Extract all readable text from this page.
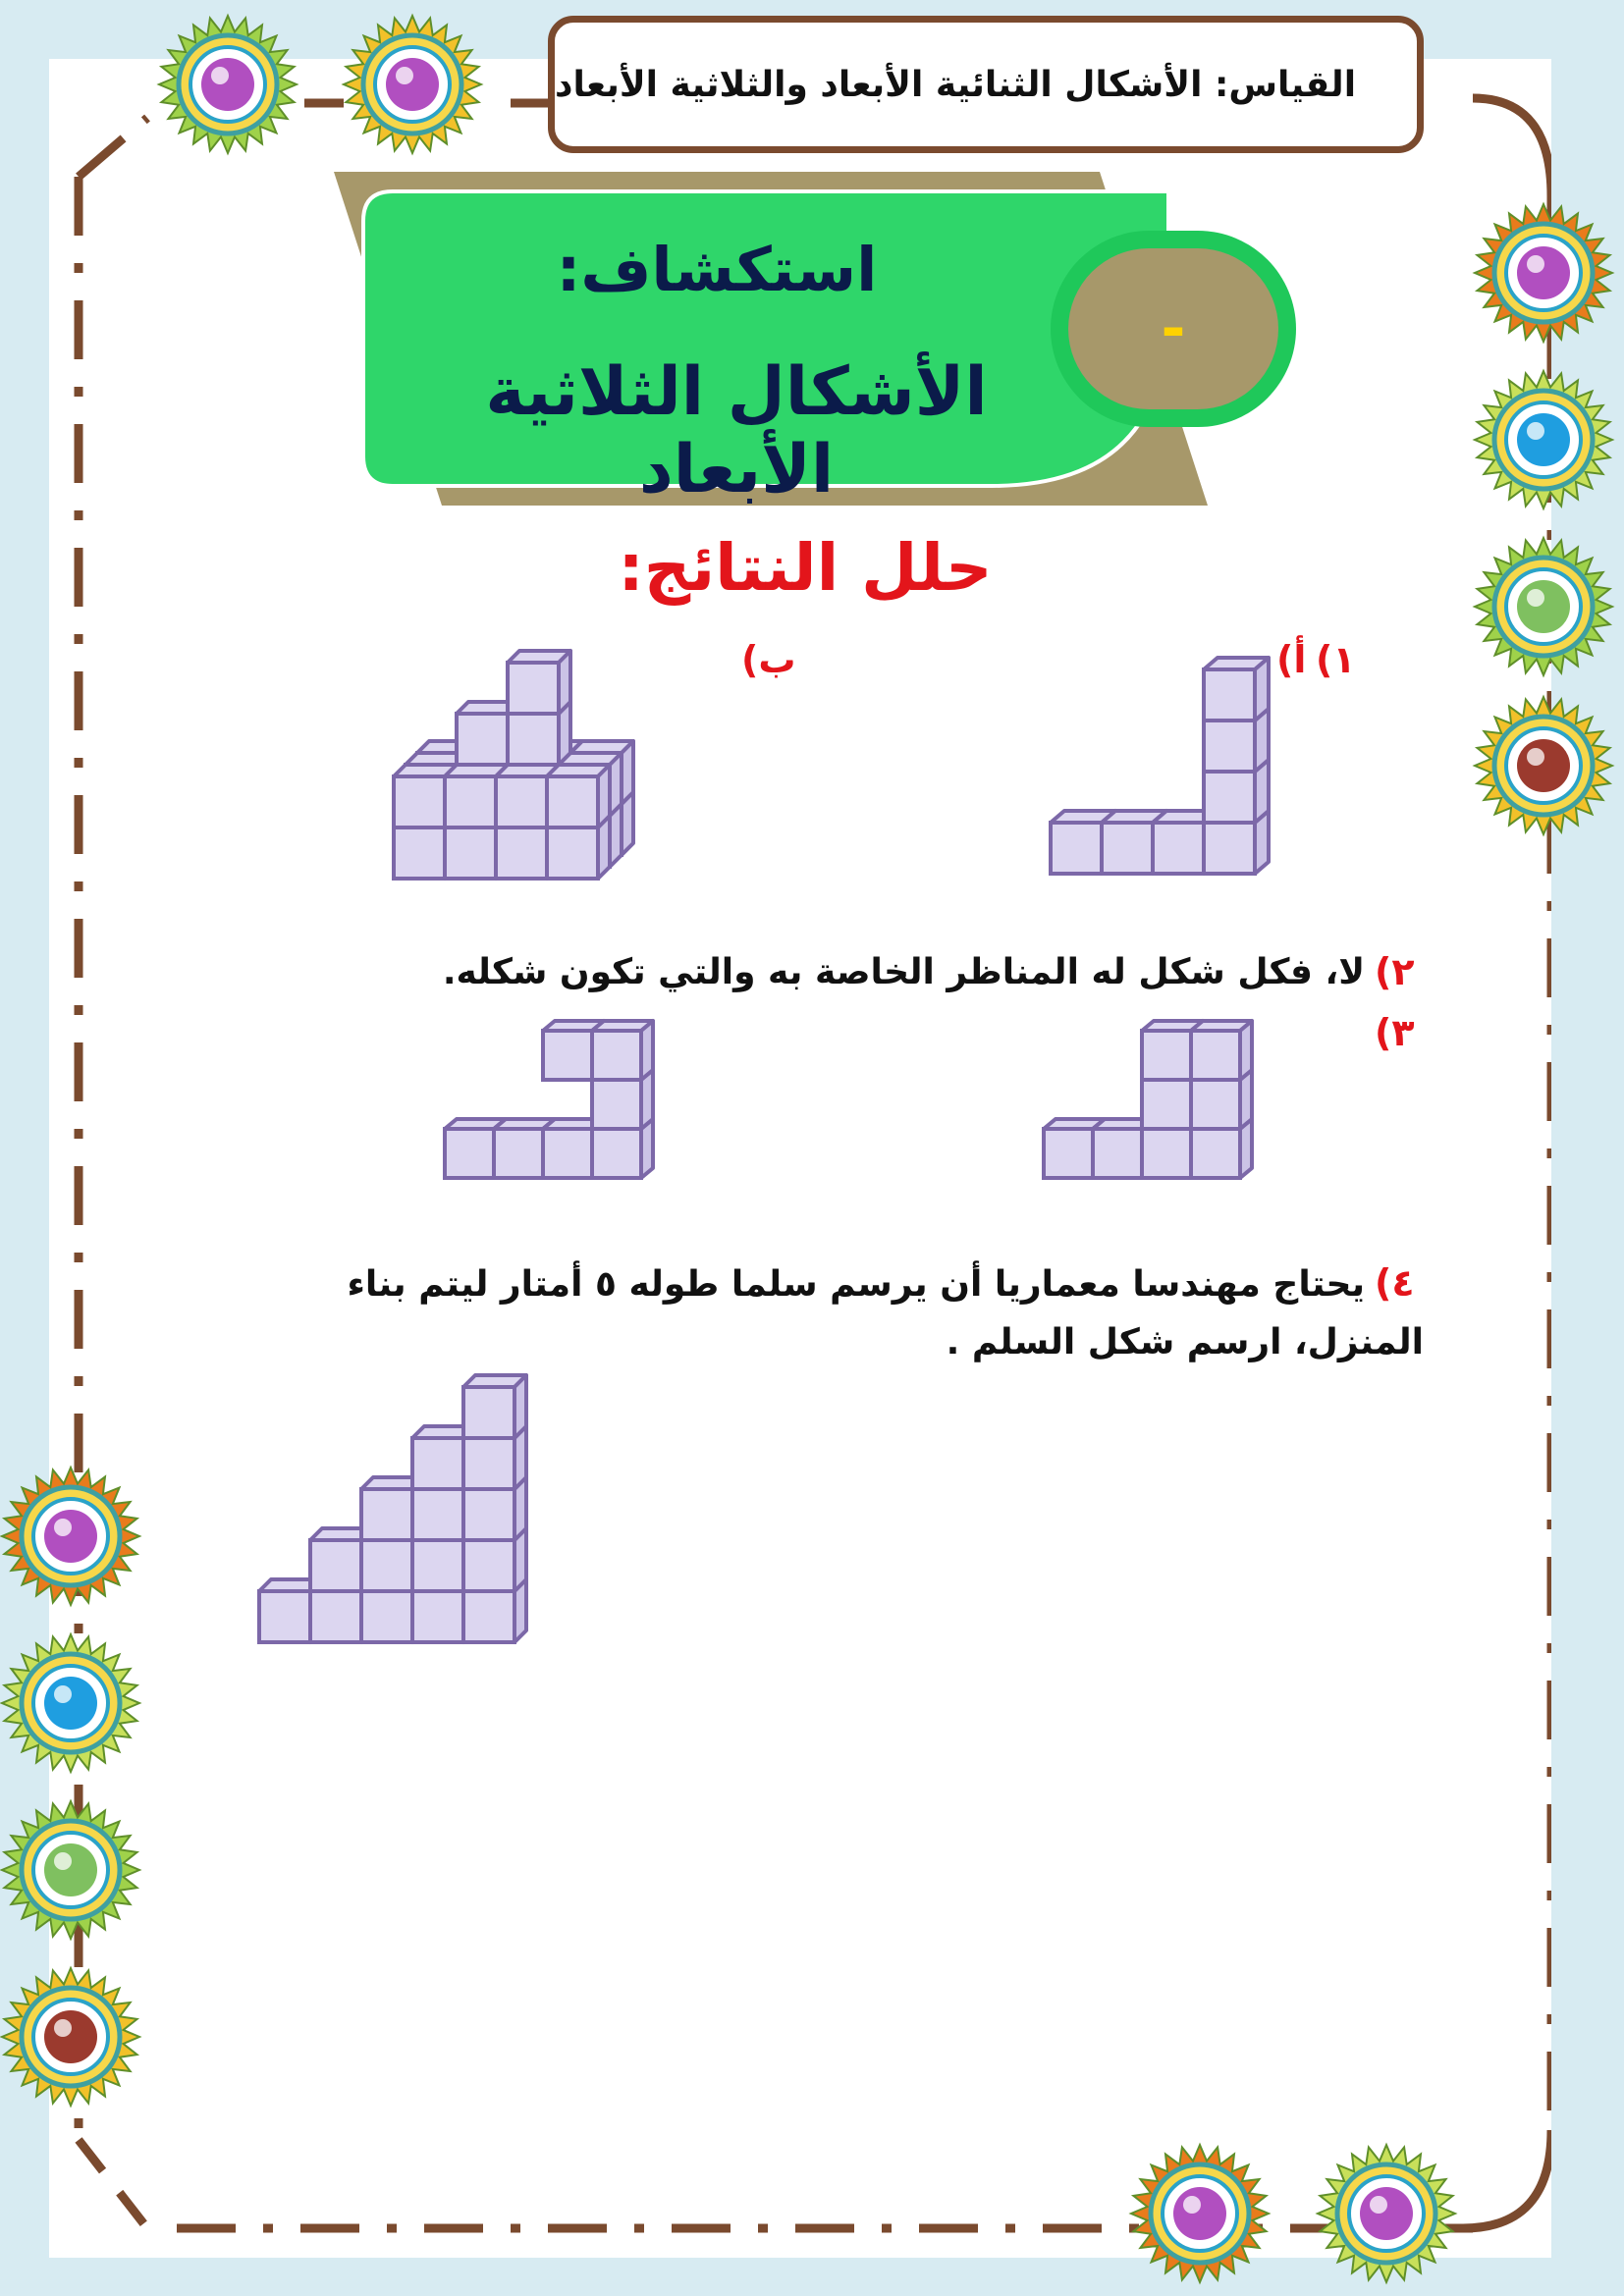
القياس: الأشكال الثنائية الأبعاد والثلاثية الأبعاد
استكشاف:
الأشكال الثلاثية الأبعاد
-
حلل النتائج:
١)
أ)
ب)
٢)
لا، فكل شكل له المناظر الخاصة به والتي تكون شكله.
٣)
٤)
يحتاج مهندسا معماريا أن يرسم سلما طوله ٥ أمتار ليتم بناء
المنزل، ارسم شكل السلم .
